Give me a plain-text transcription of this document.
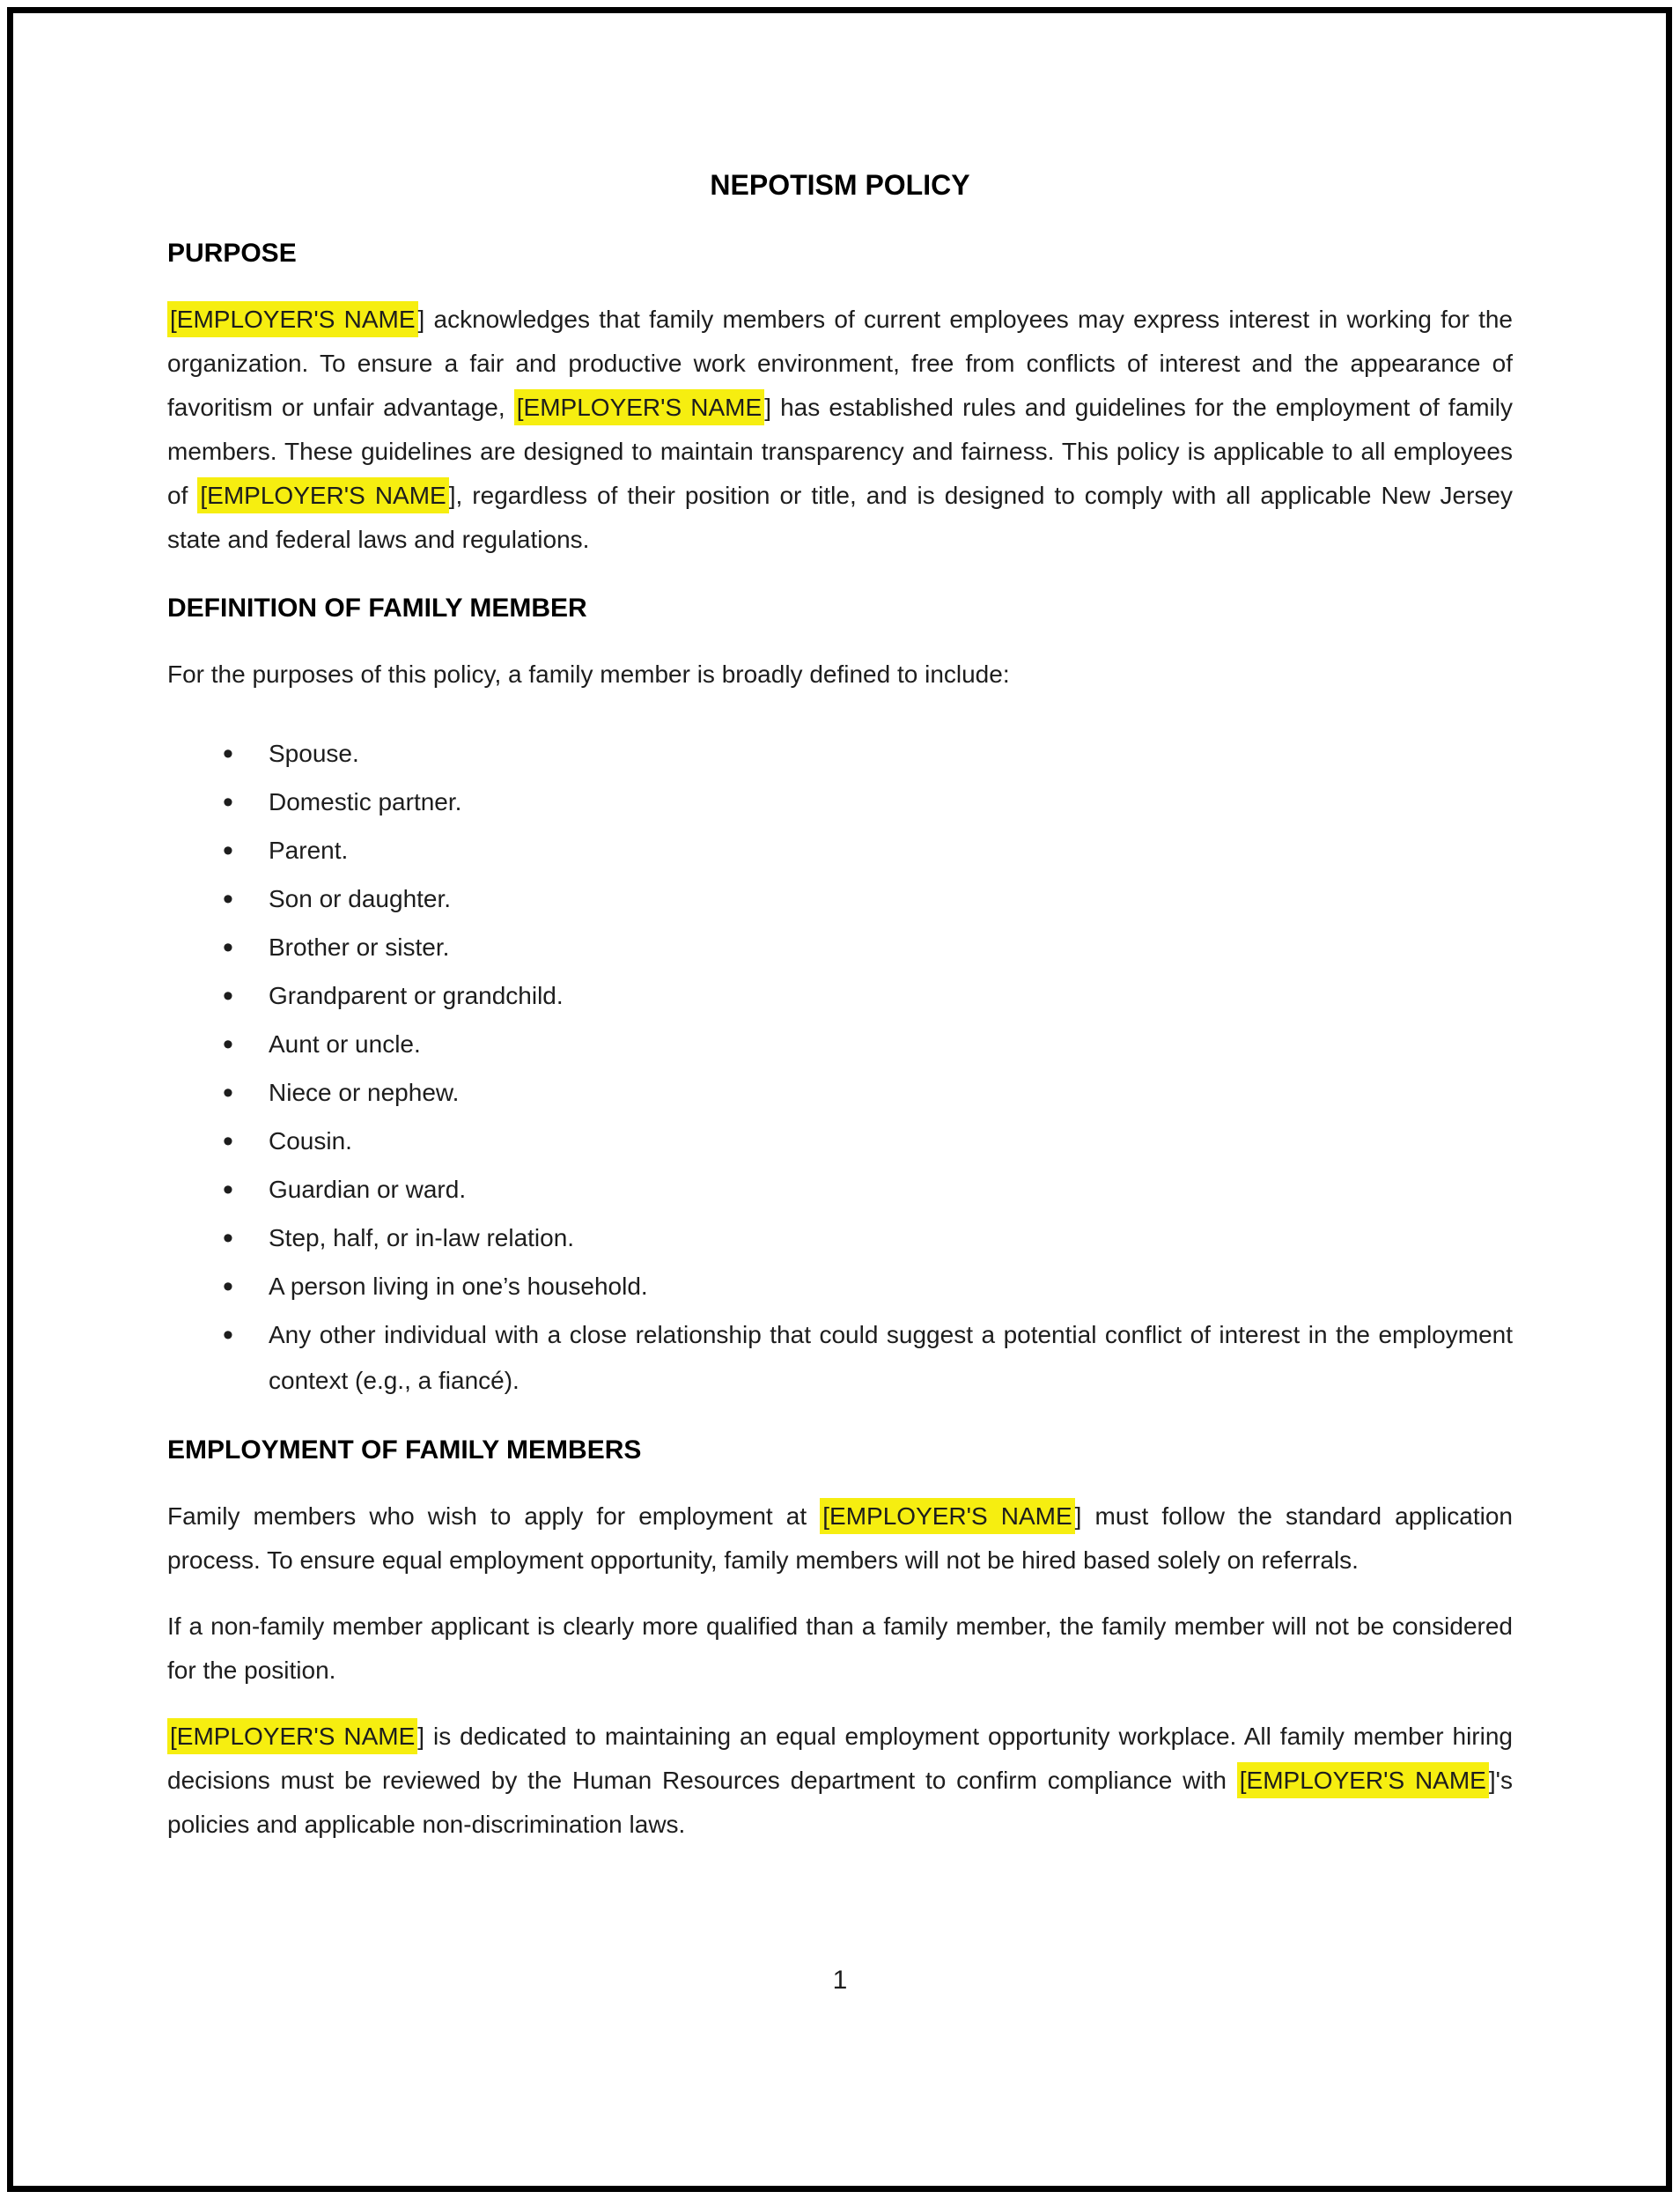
NEPOTISM POLICY
PURPOSE

[EMPLOYER'S NAME ] acknowledges that family members of current employees may express interest in working for the organization. To ensure a fair and productive work environment, free from conflicts of interest and the appearance of favoritism or unfair advantage, [EMPLOYER'S NAME ] has established rules and guidelines for the employment of family members. These guidelines are designed to maintain transparency and fairness. This policy is applicable to all employees of [EMPLOYER'S NAME ], regardless of their position or title, and is designed to comply with all applicable New Jersey state and federal laws and regulations.

DEFINITION OF FAMILY MEMBER

For the purposes of this policy, a family member is broadly defined to include:

• Spouse.
• Domestic partner.
• Parent.
• Son or daughter.
• Brother or sister.
• Grandparent or grandchild.
• Aunt or uncle.
• Niece or nephew.
• Cousin.
• Guardian or ward.
• Step, half, or in-law relation.
• A person living in one’s household.
• Any other individual with a close relationship that could suggest a potential conflict of interest in the employment context (e.g., a fiancé).
EMPLOYMENT OF FAMILY MEMBERS

Family members who wish to apply for employment at [EMPLOYER'S NAME ] must follow the standard application process. To ensure equal employment opportunity, family members will not be hired based solely on referrals.

If a non-family member applicant is clearly more qualified than a family member, the family member will not be considered for the position.

[EMPLOYER'S NAME ] is dedicated to maintaining an equal employment opportunity workplace. All family member hiring decisions must be reviewed by the Human Resources department to confirm compliance with [EMPLOYER'S NAME ]'s policies and applicable non-discrimination laws.

1
